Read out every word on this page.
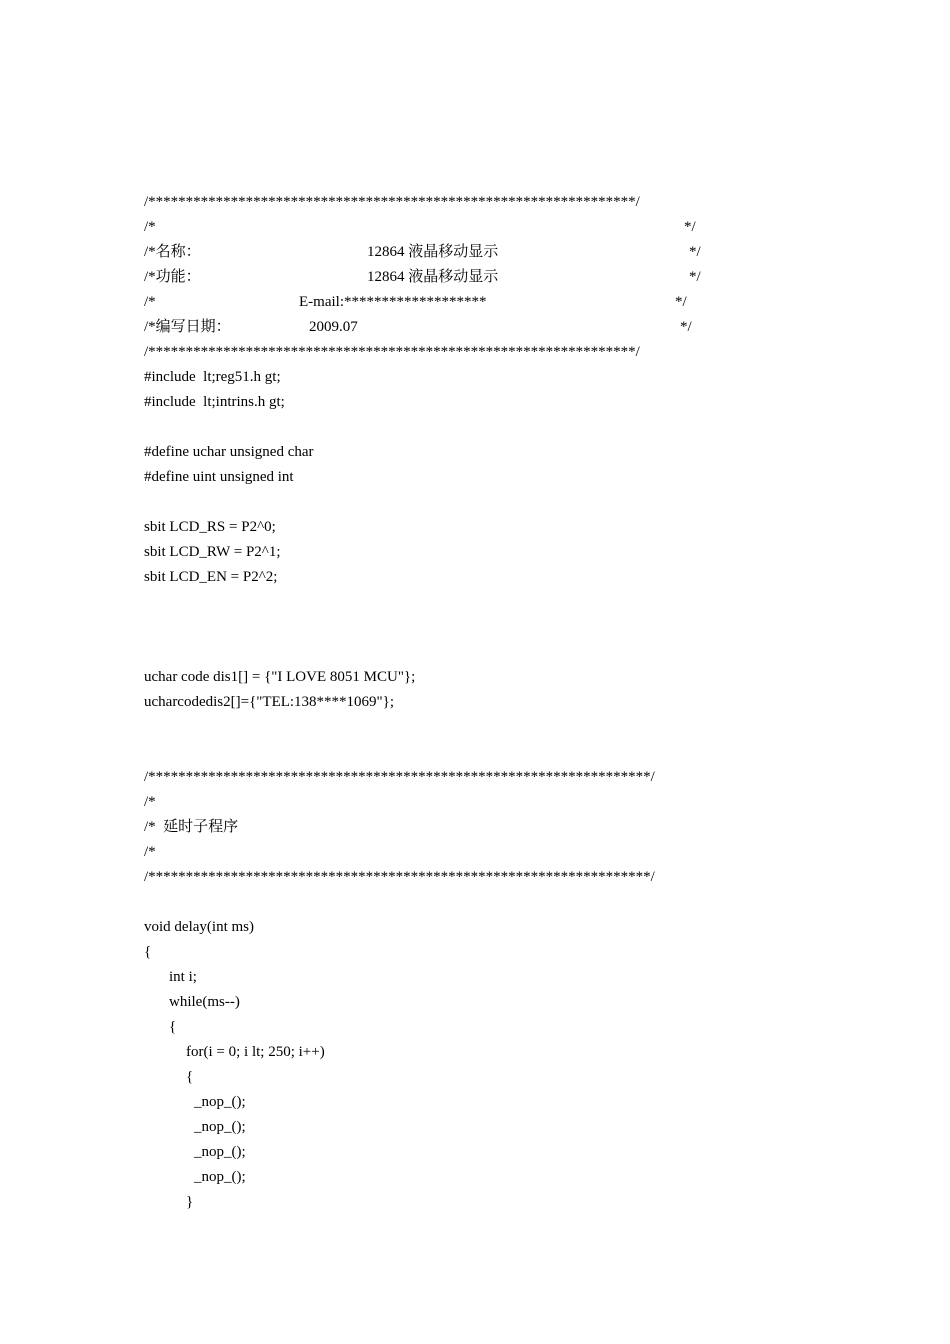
/*****************************************************************/

/*

	*/

/*名称：

	12864 液晶移动显示

	*/

/*功能：

	12864 液晶移动显示

	*/

/*

	E-mail:*******************

	*/

/*编写日期：

	2009.07

	*/

/*****************************************************************/
#include  lt;reg51.h gt;
#include  lt;intrins.h gt;
#define uchar unsigned char
#define uint unsigned int
sbit LCD_RS = P2^0;
sbit LCD_RW = P2^1;
sbit LCD_EN = P2^2;
uchar code dis1[] = {"I LOVE 8051 MCU"};
ucharcodedis2[]={"TEL:138****1069"};
/*******************************************************************/
/*
/*  延时子程序
/*
/*******************************************************************/
void delay(int ms)
{
int i;
while(ms--)
{
for(i = 0; i lt; 250; i++)
{
_nop_();
_nop_();
_nop_();
_nop_();
}
